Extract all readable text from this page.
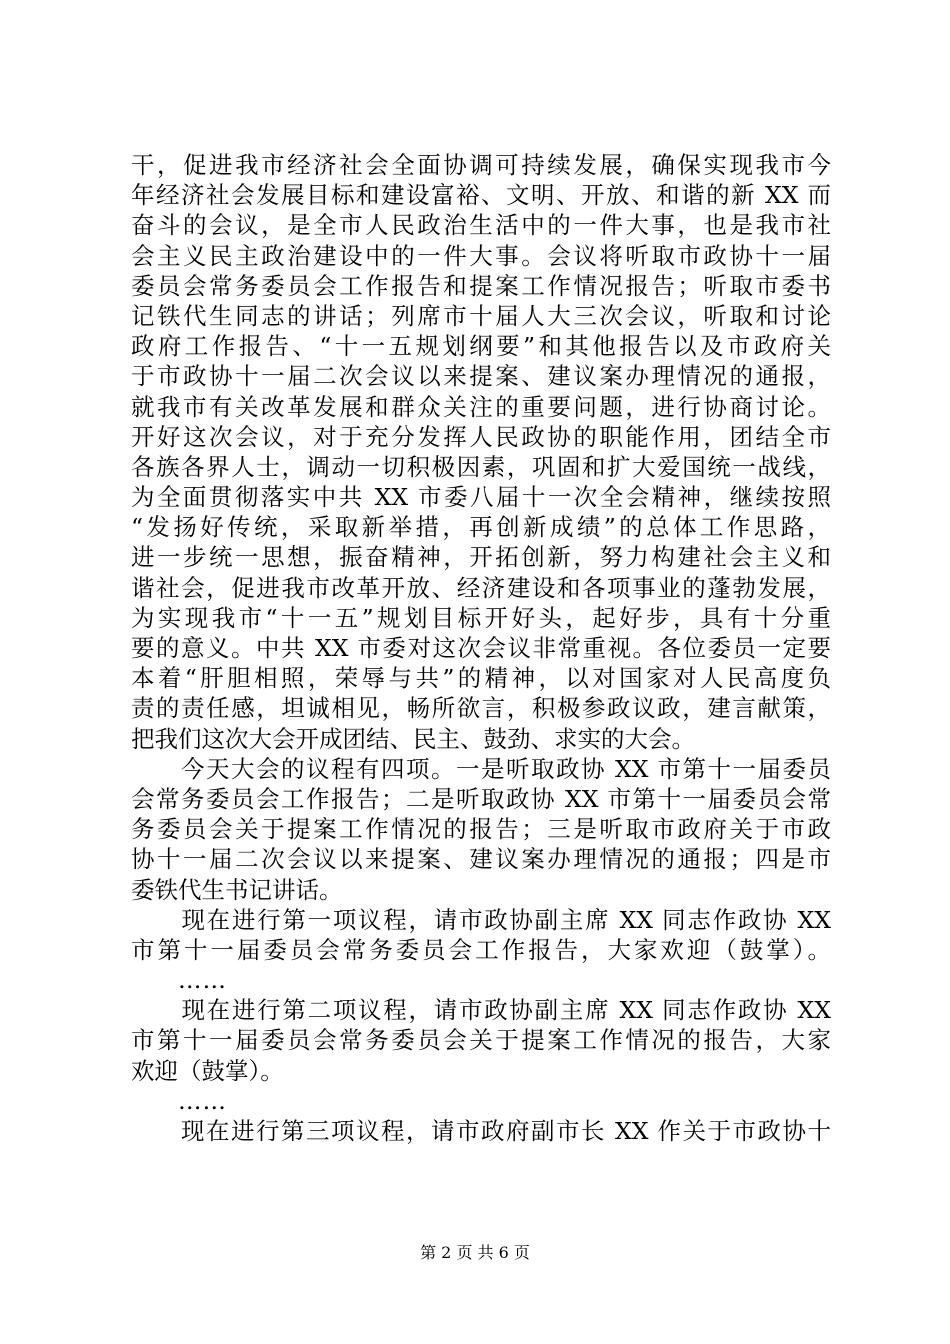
干，促进我市经济社会全面协调可持续发展，确保实现我市今
年经济社会发展目标和建设富裕、文明、开放、和谐的新 XX 而
奋斗的会议，是全市人民政治生活中的一件大事，也是我市社
会主义民主政治建设中的一件大事。会议将听取市政协十一届
委员会常务委员会工作报告和提案工作情况报告；听取市委书
记铁代生同志的讲话；列席市十届人大三次会议，听取和讨论
政府工作报告、“十一五规划纲要”和其他报告以及市政府关
于市政协十一届二次会议以来提案、建议案办理情况的通报，
就我市有关改革发展和群众关注的重要问题，进行协商讨论。
开好这次会议，对于充分发挥人民政协的职能作用，团结全市
各族各界人士，调动一切积极因素，巩固和扩大爱国统一战线，
为全面贯彻落实中共 XX 市委八届十一次全会精神，继续按照
“发扬好传统，采取新举措，再创新成绩”的总体工作思路，
进一步统一思想，振奋精神，开拓创新，努力构建社会主义和
谐社会，促进我市改革开放、经济建设和各项事业的蓬勃发展，
为实现我市“十一五”规划目标开好头，起好步，具有十分重
要的意义。中共 XX 市委对这次会议非常重视。各位委员一定要
本着“肝胆相照，荣辱与共”的精神，以对国家对人民高度负
责的责任感，坦诚相见，畅所欲言，积极参政议政，建言献策，
把我们这次大会开成团结、民主、鼓劲、求实的大会。
　　今天大会的议程有四项。一是听取政协 XX 市第十一届委员
会常务委员会工作报告；二是听取政协 XX 市第十一届委员会常
务委员会关于提案工作情况的报告；三是听取市政府关于市政
协十一届二次会议以来提案、建议案办理情况的通报；四是市
委铁代生书记讲话。
　　现在进行第一项议程，请市政协副主席 XX 同志作政协 XX
市第十一届委员会常务委员会工作报告，大家欢迎（鼓掌）。
……
　　现在进行第二项议程，请市政协副主席 XX 同志作政协 XX
市第十一届委员会常务委员会关于提案工作情况的报告，大家
欢迎（鼓掌）。
……
　　现在进行第三项议程，请市政府副市长 XX 作关于市政协十
第 2 页 共 6 页
